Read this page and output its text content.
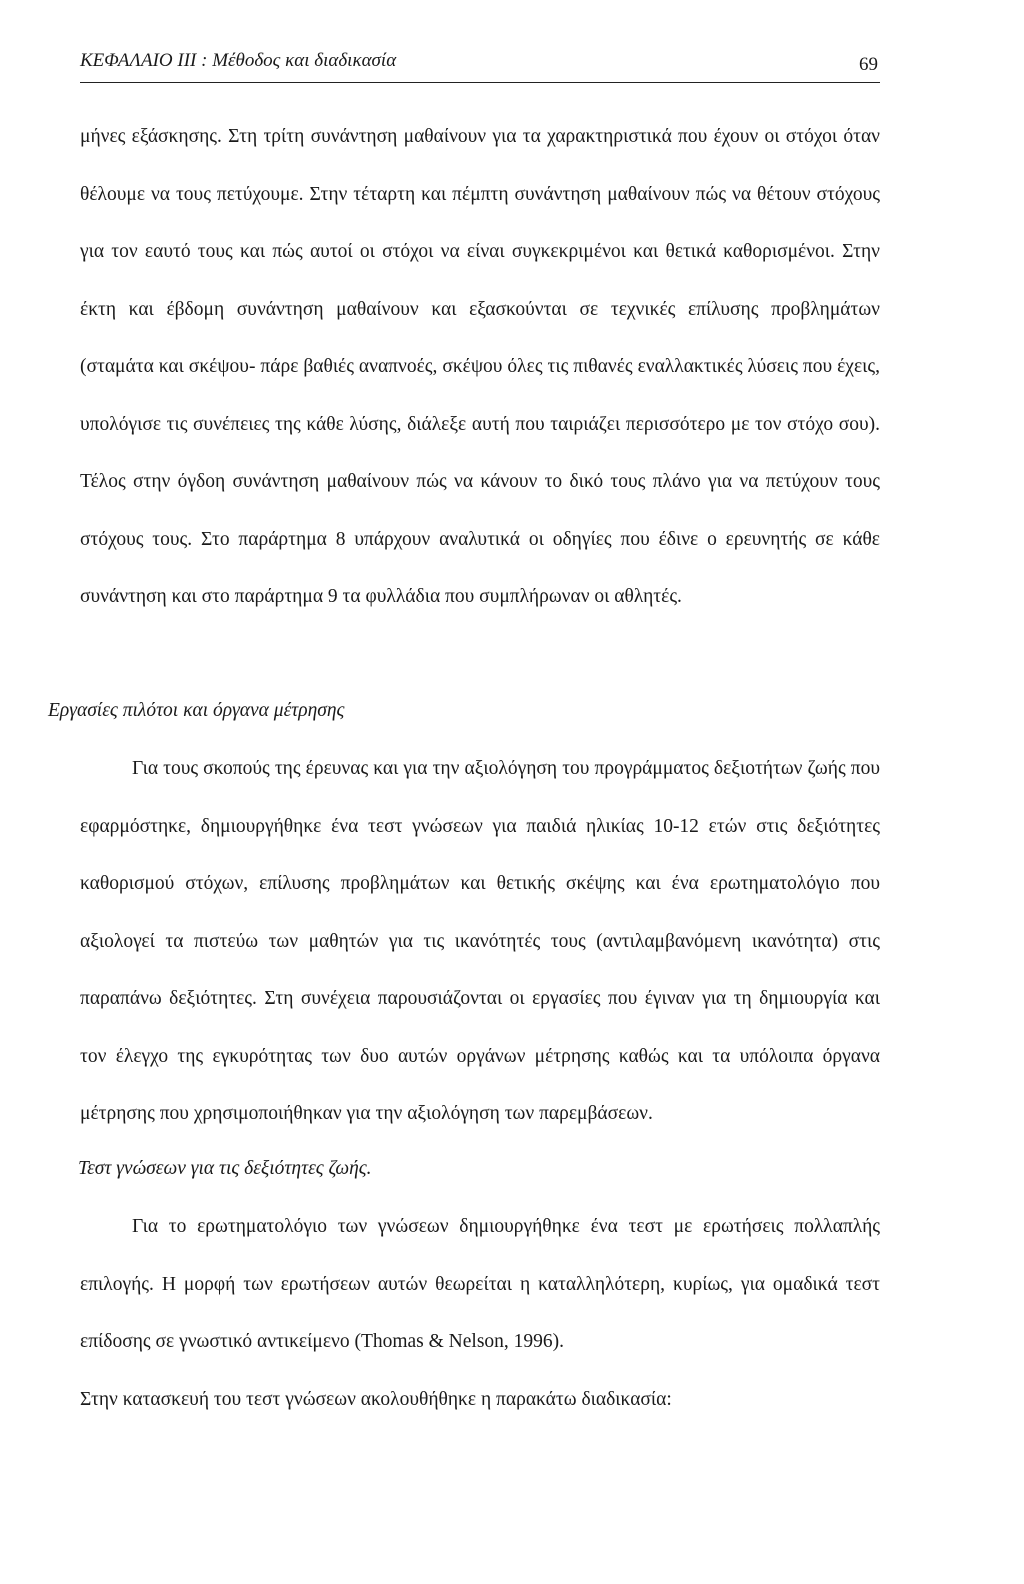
ΚΕΦΑΛΑΙΟ ΙΙΙ : Μέθοδος και διαδικασία	69

μήνες εξάσκησης. Στη τρίτη συνάντηση μαθαίνουν για τα χαρακτηριστικά που έχουν οι στόχοι όταν θέλουμε να τους πετύχουμε. Στην τέταρτη και πέμπτη συνάντηση μαθαίνουν πώς να θέτουν στόχους για τον εαυτό τους και πώς αυτοί οι στόχοι να είναι συγκεκριμένοι και θετικά καθορισμένοι. Στην έκτη και έβδομη συνάντηση μαθαίνουν και εξασκούνται σε τεχνικές επίλυσης προβλημάτων (σταμάτα και σκέψου- πάρε βαθιές αναπνοές, σκέψου όλες τις πιθανές εναλλακτικές λύσεις που έχεις, υπολόγισε τις συνέπειες της κάθε λύσης, διάλεξε αυτή που ταιριάζει περισσότερο με τον στόχο σου). Τέλος στην όγδοη συνάντηση μαθαίνουν πώς να κάνουν το δικό τους πλάνο για να πετύχουν τους στόχους τους. Στο παράρτημα 8 υπάρχουν αναλυτικά οι οδηγίες που έδινε ο ερευνητής σε κάθε συνάντηση και στο παράρτημα 9 τα φυλλάδια που συμπλήρωναν οι αθλητές.

Εργασίες πιλότοι και όργανα μέτρησης

Για τους σκοπούς της έρευνας και για την αξιολόγηση του προγράμματος δεξιοτήτων ζωής που εφαρμόστηκε, δημιουργήθηκε ένα τεστ γνώσεων για παιδιά ηλικίας 10-12 ετών στις δεξιότητες καθορισμού στόχων, επίλυσης προβλημάτων και θετικής σκέψης και ένα ερωτηματολόγιο που αξιολογεί τα πιστεύω των μαθητών για τις ικανότητές τους (αντιλαμβανόμενη ικανότητα) στις παραπάνω δεξιότητες. Στη συνέχεια παρουσιάζονται οι εργασίες που έγιναν για τη δημιουργία και τον έλεγχο της εγκυρότητας των δυο αυτών οργάνων μέτρησης καθώς και τα υπόλοιπα όργανα μέτρησης που χρησιμοποιήθηκαν για την αξιολόγηση των παρεμβάσεων.

Τεστ γνώσεων για τις δεξιότητες ζωής.

Για το ερωτηματολόγιο των γνώσεων δημιουργήθηκε ένα τεστ με ερωτήσεις πολλαπλής επιλογής. Η μορφή των ερωτήσεων αυτών θεωρείται η καταλληλότερη, κυρίως, για ομαδικά τεστ επίδοσης σε γνωστικό αντικείμενο (Thomas & Nelson, 1996).

Στην κατασκευή του τεστ γνώσεων ακολουθήθηκε η παρακάτω διαδικασία:
